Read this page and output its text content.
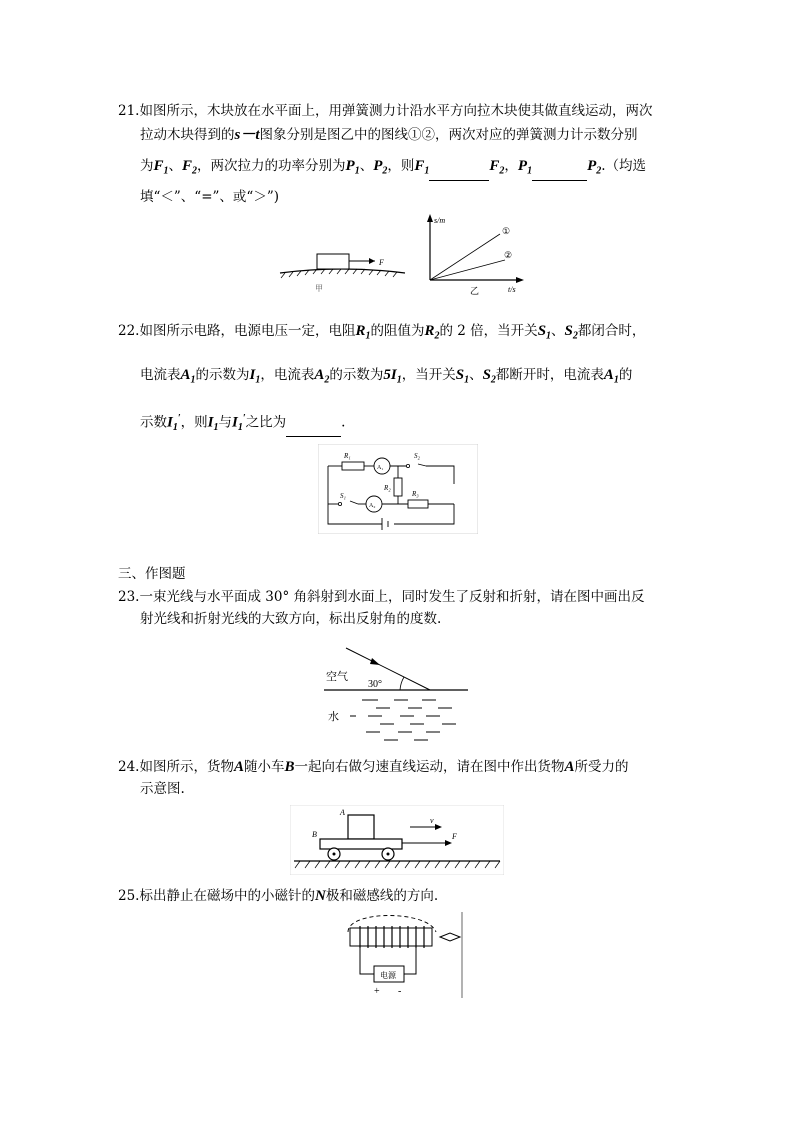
21.如图所示，木块放在水平面上，用弹簧测力计沿水平方向拉木块使其做直线运动，两次
拉动木块得到的s－t图象分别是图乙中的图线①②，两次对应的弹簧测力计示数分别
为$F_1$、$F_2$，两次拉力的功率分别为$P_1$、$P_2$，则$F_1$	$F_2$，$P_1$	$P_2$.（均选
填“＜”、“=”、或“＞”)
F
甲
s/m
t/s
①
②
乙
22.如图所示电路，电源电压一定，电阻$R_1$的阻值为$R_2$的 2 倍，当开关$S_1$、$S_2$都闭合时，
电流表$A_1$的示数为$I_1$，电流表$A_2$的示数为$5I_1$，当开关$S_1$、$S_2$都断开时，电流表$A_1$的
示数$I_1'$，则$I_1$与$I_1'$之比为	.
R₁
A₁
S₂
R₂
S₁
A₂
R₃
三、作图题
23.一束光线与水平面成 30° 角斜射到水面上，同时发生了反射和折射，请在图中画出反
射光线和折射光线的大致方向，标出反射角的度数.
30°
空气
水
24.如图所示，货物A随小车B一起向右做匀速直线运动，请在图中作出货物A所受力的
示意图.
A
B
v
F
25.标出静止在磁场中的小磁针的N极和磁感线的方向.
电源
+ -
